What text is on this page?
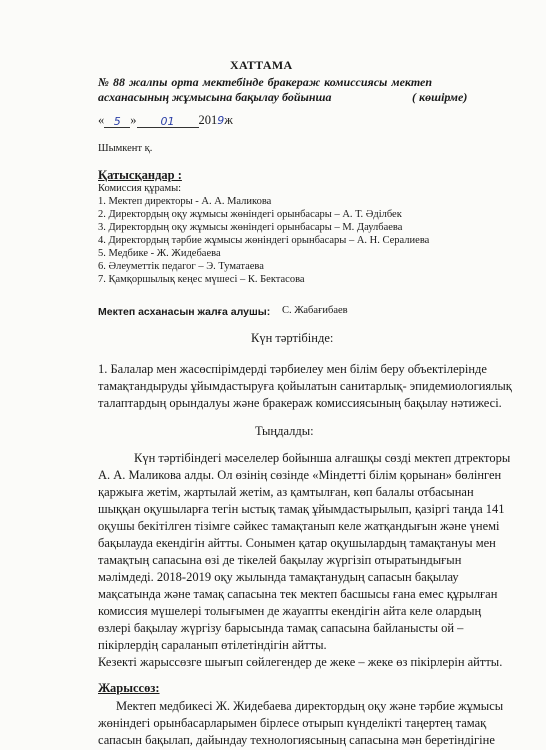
ХАТТАМА
№ 88 жалпы орта мектебінде бракераж комиссиясы мектеп
асханасының жұмысына бақылау бойынша	( көшірме)
« 5 » 01 2019ж
Шымкент қ.
Қатысқандар :
Комиссия құрамы:
1. Мектеп директоры - А. А. Маликова
2. Директордың оқу жұмысы жөніндегі орынбасары – А. Т. Әділбек
3. Директордың оқу жұмысы жөніндегі орынбасары – М. Даулбаева
4. Директордың тәрбие жұмысы жөніндегі орынбасары – А. Н. Сералиева
5. Медбике - Ж. Жидебаева
6. Әлеуметтік педагог – Э. Туматаева
7. Қамқоршылық кеңес мүшесі – К. Бектасова
Мектеп асханасын жалға алушы: С. Жабағибаев
Күн тәртібінде:
1. Балалар мен жасөспірімдерді тәрбиелеу мен білім беру объектілерінде
тамақтандыруды ұйымдастыруға қойылатын санитарлық- эпидемиологиялық
талаптардың орындалуы және бракераж комиссиясының бақылау нәтижесі.
Тыңдалды:
Күн тәртібіндегі мәселелер бойынша алғашқы сөзді мектеп дтректоры
А. А. Маликова алды. Ол өзінің сөзінде «Міндетті білім қорынан» бөлінген
қаржыға жетім, жартылай жетім, аз қамтылған, көп балалы отбасынан
шыққан оқушыларға тегін ыстық тамақ ұйымдастырылып, қазіргі таңда 141
оқушы бекітілген тізімге сәйкес тамақтанып келе жатқандығын және үнемі
бақылауда екендігін айтты. Сонымен қатар оқушылардың тамақтануы мен
тамақтың сапасына өзі де тікелей бақылау жүргізіп отыратындығын
мәлімдеді. 2018-2019 оқу жылында тамақтанудың сапасын бақылау
мақсатында және тамақ сапасына тек мектеп басшысы ғана емес құрылған
комиссия мүшелері толығымен де жауапты екендігін айта келе олардың
өзлері бақылау жүргізу барысында тамақ сапасына байланысты ой –
пікірлердің сараланып өтілетіндігін айтты.
Кезекті жарыссөзге шығып сөйлегендер де жеке – жеке өз пікірлерін айтты.
Жарыссөз:
Мектеп медбикесі Ж. Жидебаева директордың оқу және тәрбие жұмысы
жөніндегі орынбасарларымен бірлесе отырып күнделікті таңертең тамақ
сапасын бақылап, дайындау технологиясының сапасына мән беретіндігіне
